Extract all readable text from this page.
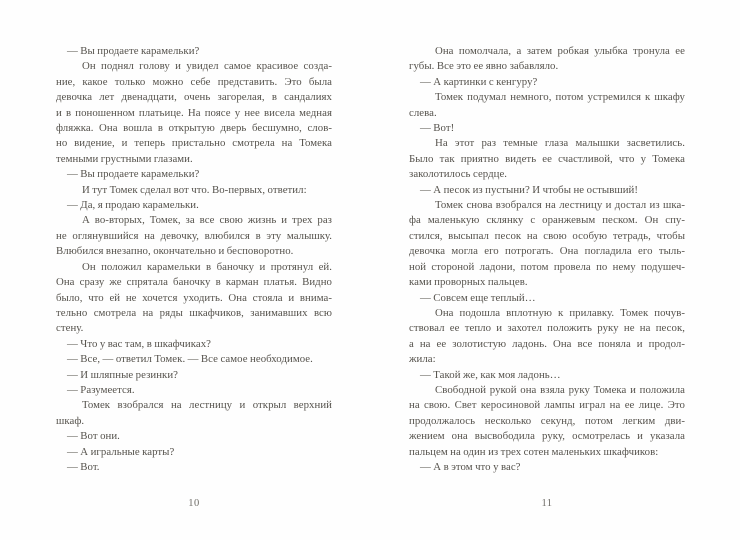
— Вы продаете карамельки?
Он поднял голову и увидел самое красивое созда-
ние, какое только можно себе представить. Это была
девочка лет двенадцати, очень загорелая, в сандалиях
и в поношенном платьице. На поясе у нее висела медная
фляжка. Она вошла в открытую дверь бесшумно, слов-
но видение, и теперь пристально смотрела на Томека
темными грустными глазами.
— Вы продаете карамельки?
И тут Томек сделал вот что. Во-первых, ответил:
— Да, я продаю карамельки.
А во-вторых, Томек, за все свою жизнь и трех раз
не оглянувшийся на девочку, влюбился в эту малышку.
Влюбился внезапно, окончательно и бесповоротно.
Он положил карамельки в баночку и протянул ей.
Она сразу же спрятала баночку в карман платья. Видно
было, что ей не хочется уходить. Она стояла и внима-
тельно смотрела на ряды шкафчиков, занимавших всю
стену.
— Что у вас там, в шкафчиках?
— Все, — ответил Томек. — Все самое необходимое.
— И шляпные резинки?
— Разумеется.
Томек взобрался на лестницу и открыл верхний
шкаф.
— Вот они.
— А игральные карты?
— Вот.
Она помолчала, а затем робкая улыбка тронула ее
губы. Все это ее явно забавляло.
— А картинки с кенгуру?
Томек подумал немного, потом устремился к шкафу
слева.
— Вот!
На этот раз темные глаза малышки засветились.
Было так приятно видеть ее счастливой, что у Томека
заколотилось сердце.
— А песок из пустыни? И чтобы не остывший!
Томек снова взобрался на лестницу и достал из шка-
фа маленькую склянку с оранжевым песком. Он спу-
стился, высыпал песок на свою особую тетрадь, чтобы
девочка могла его потрогать. Она погладила его тыль-
ной стороной ладони, потом провела по нему подушеч-
ками проворных пальцев.
— Совсем еще теплый…
Она подошла вплотную к прилавку. Томек почув-
ствовал ее тепло и захотел положить руку не на песок,
а на ее золотистую ладонь. Она все поняла и продол-
жила:
— Такой же, как моя ладонь…
Свободной рукой она взяла руку Томека и положила
на свою. Свет керосиновой лампы играл на ее лице. Это
продолжалось несколько секунд, потом легким дви-
жением она высвободила руку, осмотрелась и указала
пальцем на один из трех сотен маленьких шкафчиков:
— А в этом что у вас?
10	11
